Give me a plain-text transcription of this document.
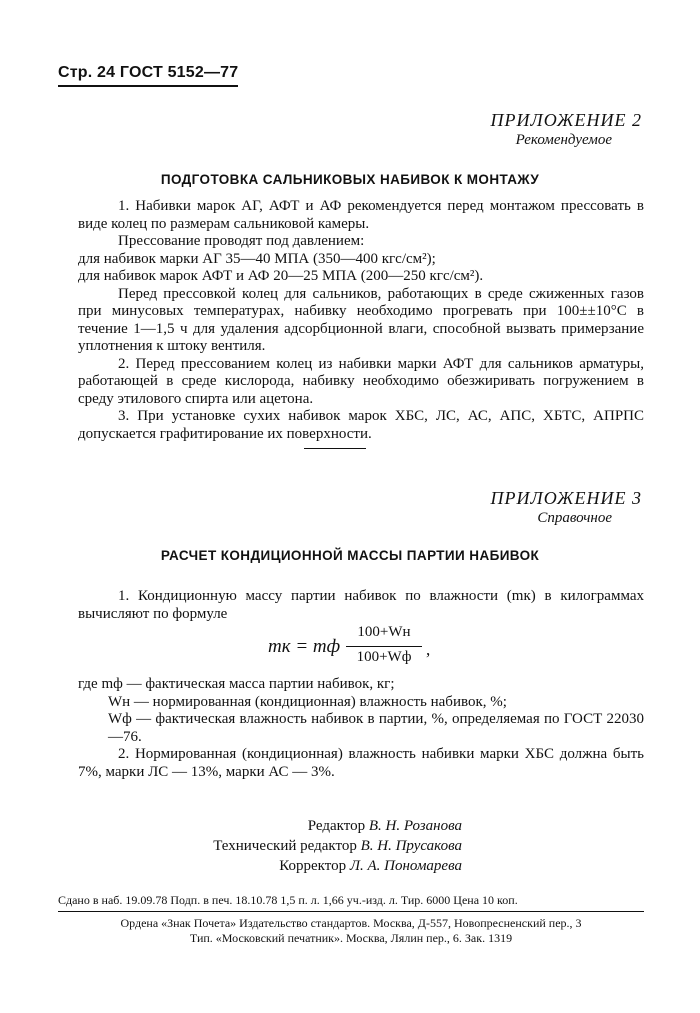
Стр. 24 ГОСТ 5152—77
ПРИЛОЖЕНИЕ 2
Рекомендуемое
ПОДГОТОВКА САЛЬНИКОВЫХ НАБИВОК К МОНТАЖУ

1. Набивки марок АГ, АФТ и АФ рекомендуется перед монтажом прессовать в виде колец по размерам сальниковой камеры.

Прессование проводят под давлением:

для набивок марки АГ 35—40 МПА (350—400 кгс/см²);

для набивок марок АФТ и АФ 20—25 МПА (200—250 кгс/см²).

Перед прессовкой колец для сальников, работающих в среде сжиженных газов при минусовых температурах, набивку необходимо прогревать при 100±±10°С в течение 1—1,5 ч для удаления адсорбционной влаги, способной вызвать примерзание уплотнения к штоку вентиля.

2. Перед прессованием колец из набивки марки АФТ для сальников арматуры, работающей в среде кислорода, набивку необходимо обезжиривать погружением в среду этилового спирта или ацетона.

3. При установке сухих набивок марок ХБС, ЛС, АС, АПС, ХБТС, АПРПС допускается графитирование их поверхности.

ПРИЛОЖЕНИЕ 3
Справочное
РАСЧЕТ КОНДИЦИОННОЙ МАССЫ ПАРТИИ НАБИВОК

1. Кондиционную массу партии набивок по влажности (mк) в килограммах вычисляют по формуле

mк = mф
100+Wн
100+Wф ,

где mф — фактическая масса партии набивок, кг;

Wн — нормированная (кондиционная) влажность набивок, %;

Wф — фактическая влажность набивок в партии, %, определяемая по ГОСТ 22030—76.

2. Нормированная (кондиционная) влажность набивки марки ХБС должна быть 7%, марки ЛС — 13%, марки АС — 3%.

Редактор В. Н. Розанова
Технический редактор В. Н. Прусакова
Корректор Л. А. Пономарева
Сдано в наб. 19.09.78 Подп. в печ. 18.10.78 1,5 п. л. 1,66 уч.-изд. л. Тир. 6000 Цена 10 коп.
Ордена «Знак Почета» Издательство стандартов. Москва, Д-557, Новопресненский пер., 3
Тип. «Московский печатник». Москва, Лялин пер., 6. Зак. 1319
